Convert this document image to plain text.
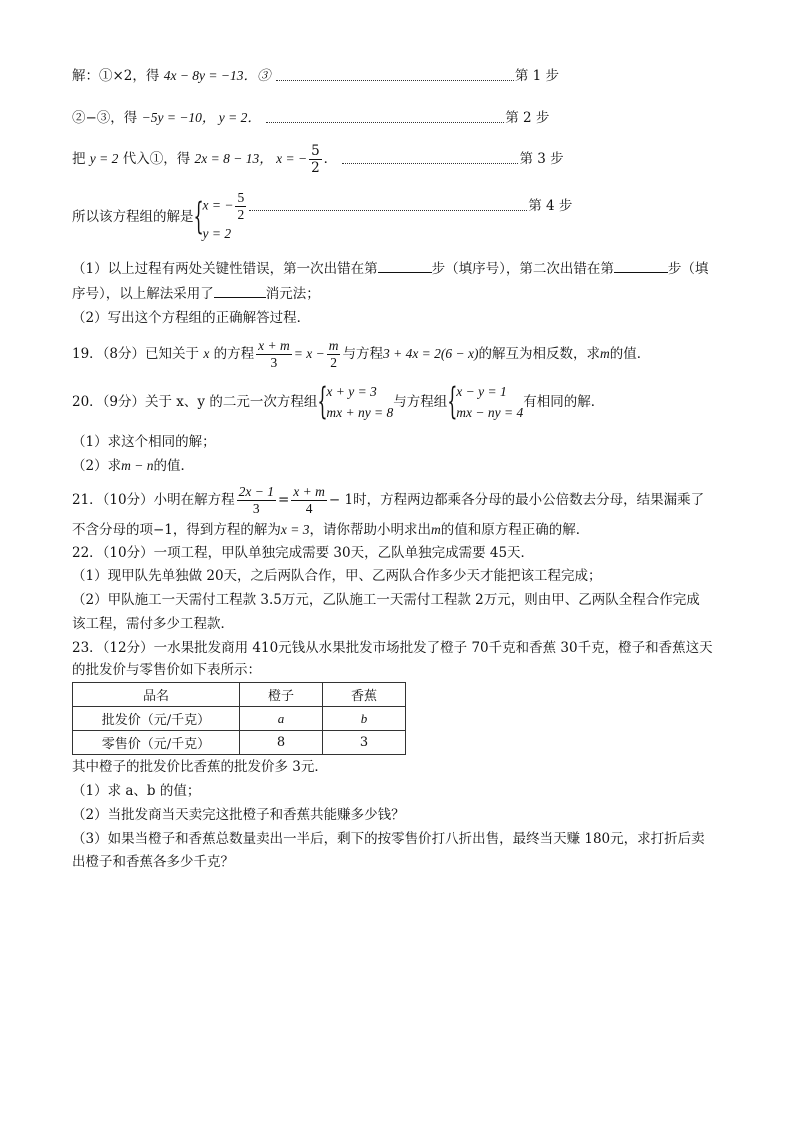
解：①×2，得 4x − 8y = −13．③	第 1 步
②−③，得 −5y = −10， y = 2．	第 2 步
把 y = 2 代入①，得 2x = 8 − 13， x = − $\frac{5}{2}$ ．	第 3 步
所以该方程组的解是 {
x = − $\frac{5}{2}$
y = 2
第 4 步
（1）以上过程有两处关键性错误，第一次出错在第	步（填序号），第二次出错在第	步（填
序号），以上解法采用了	消元法；
（2）写出这个方程组的正确解答过程．
19．（8分）已知关于
x
的方程 $\frac{x + m}{3} = x - \frac{m}{2}$ 与方程 3 + 4x = 2(6 − x) 的解互为相反数，求 m 的值．
20．（9分）关于 x、y 的二元一次方程组 {
x + y = 3
mx + ny = 8
与方程组 {
x − y = 1
mx − ny = 4
有相同的解．
（1）求这个相同的解；
（2）求m − n的值．
21．（10分）小明在解方程 $\frac{2x - 1}{3} = \frac{x + m}{4} - 1$时，方程两边都乘各分母的最小公倍数去分母，结果漏乘了
不含分母的项−1，得到方程的解为x = 3，请你帮助小明求出m的值和原方程正确的解．
22．（10分）一项工程，甲队单独完成需要 30天，乙队单独完成需要 45天．
（1）现甲队先单独做 20天，之后两队合作，甲、乙两队合作多少天才能把该工程完成；
（2）甲队施工一天需付工程款 3.5万元，乙队施工一天需付工程款 2万元，则由甲、乙两队全程合作完成
该工程，需付多少工程款．
23．（12分）一水果批发商用 410元钱从水果批发市场批发了橙子 70千克和香蕉 30千克，橙子和香蕉这天
的批发价与零售价如下表所示：
品名	橙子	香蕉
批发价（元/千克）	a	b
零售价（元/千克）	8	3
其中橙子的批发价比香蕉的批发价多 3元．
（1）求 a、b 的值；
（2）当批发商当天卖完这批橙子和香蕉共能赚多少钱？
（3）如果当橙子和香蕉总数量卖出一半后，剩下的按零售价打八折出售，最终当天赚 180元，求打折后卖
出橙子和香蕉各多少千克？
